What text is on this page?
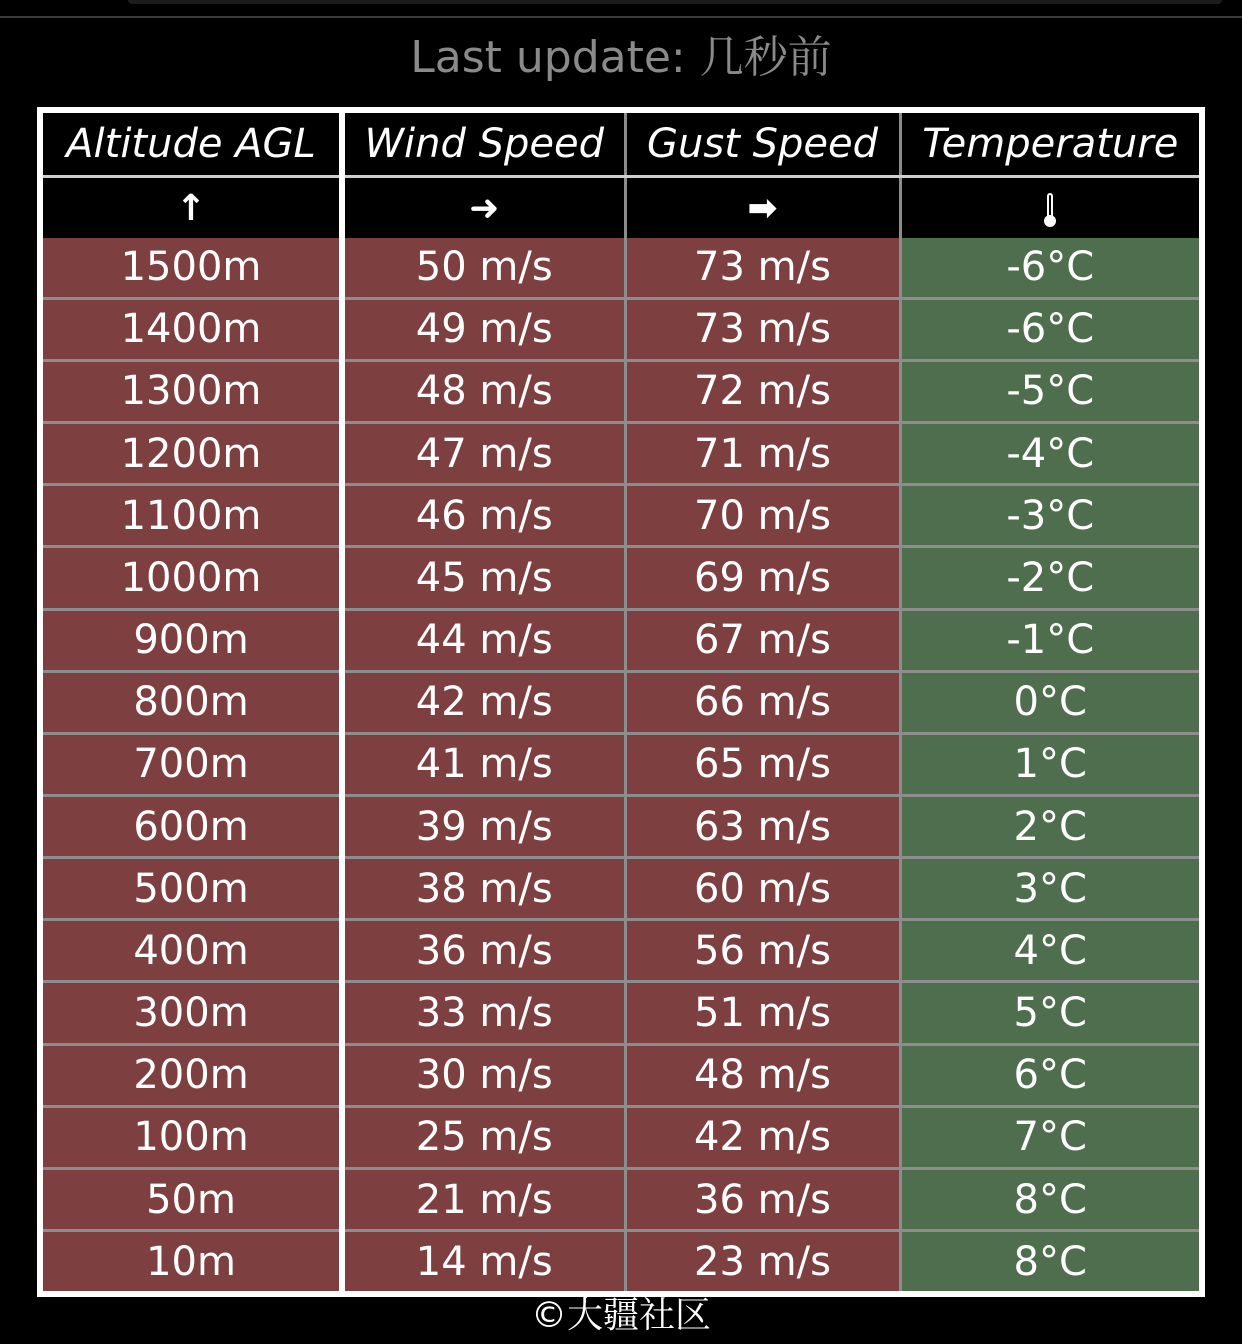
Last update: 几秒前
Altitude AGL	Wind Speed	Gust Speed	Temperature
↑	➜	➡	

1500m	50 m/s	73 m/s	-6°C
1400m	49 m/s	73 m/s	-6°C
1300m	48 m/s	72 m/s	-5°C
1200m	47 m/s	71 m/s	-4°C
1100m	46 m/s	70 m/s	-3°C
1000m	45 m/s	69 m/s	-2°C
900m	44 m/s	67 m/s	-1°C
800m	42 m/s	66 m/s	0°C
700m	41 m/s	65 m/s	1°C
600m	39 m/s	63 m/s	2°C
500m	38 m/s	60 m/s	3°C
400m	36 m/s	56 m/s	4°C
300m	33 m/s	51 m/s	5°C
200m	30 m/s	48 m/s	6°C
100m	25 m/s	42 m/s	7°C
50m	21 m/s	36 m/s	8°C
10m	14 m/s	23 m/s	8°C
©大疆社区
